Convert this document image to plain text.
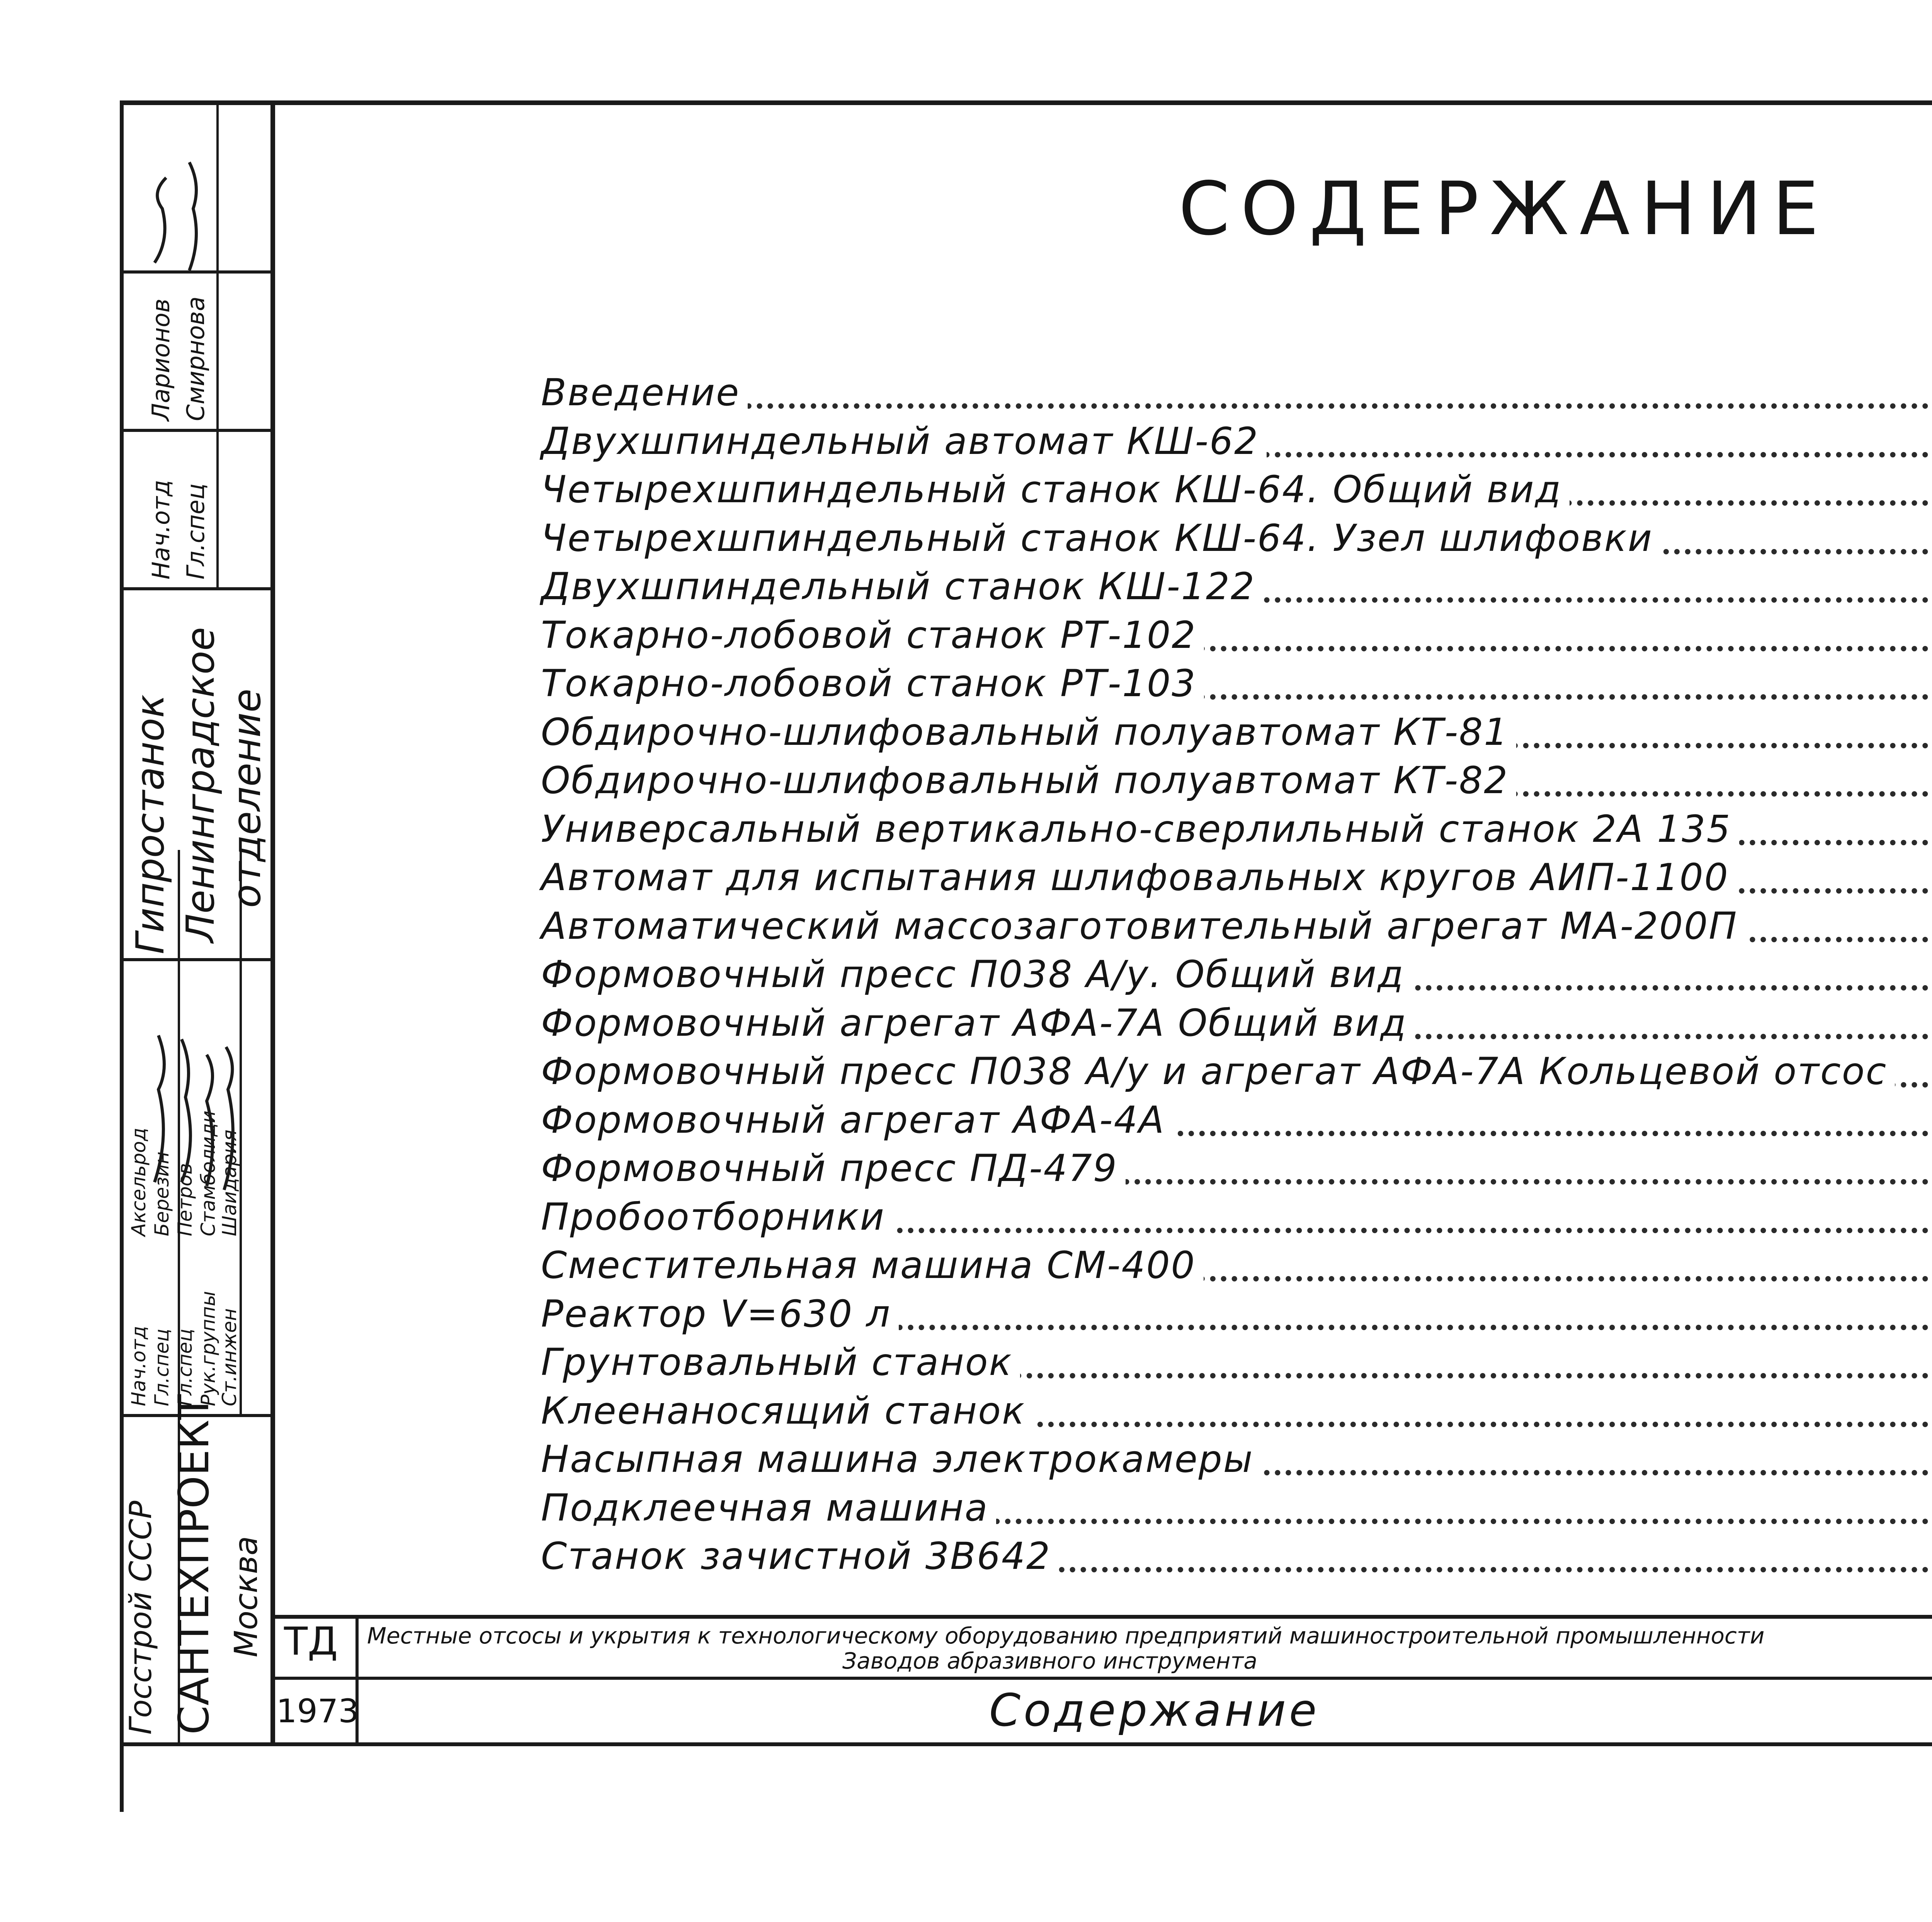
СОДЕРЖАНИЕ
Введение
Двухшпиндельный автомат КШ-62
Четырехшпиндельный станок КШ-64. Общий вид
Четырехшпиндельный станок КШ-64. Узел шлифовки
Двухшпиндельный станок КШ-122
Токарно-лобовой станок РТ-102
Токарно-лобовой станок РТ-103
Обдирочно-шлифовальный полуавтомат КТ-81
Обдирочно-шлифовальный полуавтомат КТ-82
Универсальный вертикально-сверлильный станок 2А 135
Автомат для испытания шлифовальных кругов АИП-1100
Автоматический массозаготовительный агрегат МА-200П
Формовочный пресс П038 А/у. Общий вид
Формовочный агрегат АФА-7А Общий вид
Формовочный пресс П038 А/у и агрегат АФА-7А Кольцевой отсос
Формовочный агрегат АФА-4А
Формовочный пресс ПД-479
Пробоотборники
Сместительная машина СМ-400
Реактор V=630 л
Грунтовальный станок
Клеенаносящий станок
Насыпная машина электрокамеры
Подклеечная машина
Станок зачистной 3В642
Ларионов Смирнова
Нач.отд Гл.спец
Гипростанок Ленинградское отделение
Нач.отд Гл.спец Гл.спец Рук.группы
Ст.инжен
Аксельрод Березин Петров Стамболиди
Шаидария
Госстрой СССР САНТЕХПРОЕКТ Москва ТД
1973
Местные отсосы и укрытия к технологическому оборудованию предприятий машиностроительной промышленности
Заводов абразивного инструмента
Содержание
